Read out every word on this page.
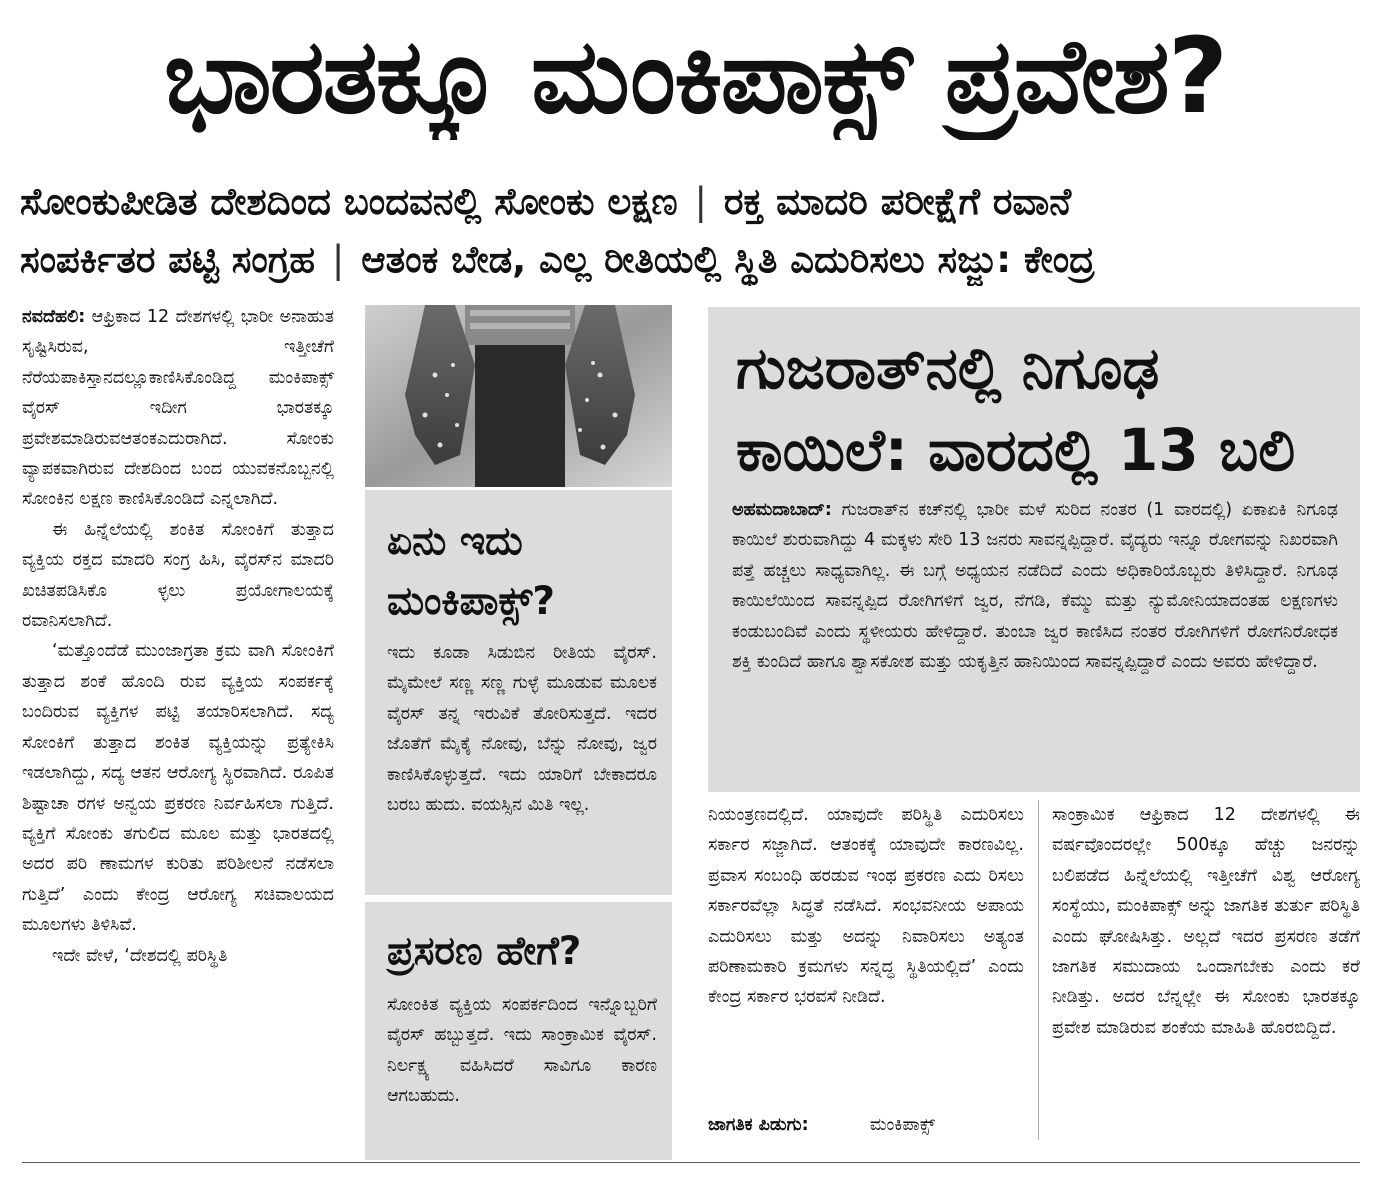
ಭಾರತಕ್ಕೂ ಮಂಕಿಪಾಕ್ಸ್ ಪ್ರವೇಶ?
ಸೋಂಕುಪೀಡಿತ ದೇಶದಿಂದ ಬಂದವನಲ್ಲಿ ಸೋಂಕು ಲಕ್ಷಣ | ರಕ್ತ ಮಾದರಿ ಪರೀಕ್ಷೆಗೆ ರವಾನೆ
ಸಂಪರ್ಕಿತರ ಪಟ್ಟಿ ಸಂಗ್ರಹ | ಆತಂಕ ಬೇಡ, ಎಲ್ಲ ರೀತಿಯಲ್ಲಿ ಸ್ಥಿತಿ ಎದುರಿಸಲು ಸಜ್ಜು: ಕೇಂದ್ರ

ನವದೆಹಲಿ: ಆಫ್ರಿಕಾದ 12 ದೇಶಗಳಲ್ಲಿ ಭಾರೀ ಅನಾಹುತ ಸೃಷ್ಟಿಸಿರುವ, ಇತ್ತೀಚೆಗೆ ನೆರೆಯಪಾಕಿಸ್ತಾನದಲ್ಲೂಕಾಣಿಸಿಕೊಂಡಿದ್ದ ಮಂಕಿಪಾಕ್ಸ್ ವೈರಸ್ ಇದೀಗ ಭಾರತಕ್ಕೂ ಪ್ರವೇಶಮಾಡಿರುವಆತಂಕಎದುರಾಗಿದೆ. ಸೋಂಕು ವ್ಯಾಪಕವಾಗಿರುವ ದೇಶದಿಂದ ಬಂದ ಯುವಕನೊಬ್ಬನಲ್ಲಿ ಸೋಂಕಿನ ಲಕ್ಷಣ ಕಾಣಿಸಿಕೊಂಡಿದೆ ಎನ್ನಲಾಗಿದೆ.

ಈ ಹಿನ್ನೆಲೆಯಲ್ಲಿ ಶಂಕಿತ ಸೋಂಕಿಗೆ ತುತ್ತಾದ ವ್ಯಕ್ತಿಯ ರಕ್ತದ ಮಾದರಿ ಸಂಗ್ರ ಹಿಸಿ, ವೈರಸ್‌ನ ಮಾದರಿ ಖಚಿತಪಡಿಸಿಕೊ ಳ್ಳಲು ಪ್ರಯೋಗಾಲಯಕ್ಕೆ ರವಾನಿಸಲಾಗಿದೆ.

‘ಮತ್ತೊಂದೆಡೆ ಮುಂಜಾಗ್ರತಾ ಕ್ರಮ ವಾಗಿ ಸೋಂಕಿಗೆ ತುತ್ತಾದ ಶಂಕೆ ಹೊಂದಿ ರುವ ವ್ಯಕ್ತಿಯ ಸಂಪರ್ಕಕ್ಕೆ ಬಂದಿರುವ ವ್ಯಕ್ತಿಗಳ ಪಟ್ಟಿ ತಯಾರಿಸಲಾಗಿದೆ. ಸದ್ಯ ಸೋಂಕಿಗೆ ತುತ್ತಾದ ಶಂಕಿತ ವ್ಯಕ್ತಿಯನ್ನು ಪ್ರತ್ಯೇಕಿಸಿ ಇಡಲಾಗಿದ್ದು, ಸದ್ಯ ಆತನ ಆರೋಗ್ಯ ಸ್ಥಿರವಾಗಿದೆ. ರೂಪಿತ ಶಿಷ್ಟಾಚಾ ರಗಳ ಅನ್ವಯ ಪ್ರಕರಣ ನಿರ್ವಹಿಸಲಾ ಗುತ್ತಿದೆ. ವ್ಯಕ್ತಿಗೆ ಸೋಂಕು ತಗುಲಿದ ಮೂಲ ಮತ್ತು ಭಾರತದಲ್ಲಿ ಅದರ ಪರಿ ಣಾಮಗಳ ಕುರಿತು ಪರಿಶೀಲನೆ ನಡೆಸಲಾ ಗುತ್ತಿದೆ’ ಎಂದು ಕೇಂದ್ರ ಆರೋಗ್ಯ ಸಚಿವಾಲಯದ ಮೂಲಗಳು ತಿಳಿಸಿವೆ.

ಇದೇ ವೇಳೆ, ‘ದೇಶದಲ್ಲಿ ಪರಿಸ್ಥಿತಿ

ಏನು ಇದು ಮಂಕಿಪಾಕ್ಸ್?
ಇದು ಕೂಡಾ ಸಿಡುಬಿನ ರೀತಿಯ ವೈರಸ್. ಮೈಮೇಲೆ ಸಣ್ಣ ಸಣ್ಣ ಗುಳ್ಳೆ ಮೂಡುವ ಮೂಲಕ ವೈರಸ್ ತನ್ನ ಇರುವಿಕೆ ತೋರಿಸುತ್ತದೆ. ಇದರ ಜೊತೆಗೆ ಮೈಕೈ ನೋವು, ಬೆನ್ನು ನೋವು, ಜ್ವರ ಕಾಣಿಸಿಕೊಳ್ಳುತ್ತದೆ. ಇದು ಯಾರಿಗೆ ಬೇಕಾದರೂ ಬರಬ ಹುದು. ವಯಸ್ಸಿನ ಮಿತಿ ಇಲ್ಲ.
ಪ್ರಸರಣ ಹೇಗೆ?
ಸೋಂಕಿತ ವ್ಯಕ್ತಿಯ ಸಂಪರ್ಕದಿಂದ ಇನ್ನೊಬ್ಬರಿಗೆ ವೈರಸ್ ಹಬ್ಬುತ್ತದೆ. ಇದು ಸಾಂಕ್ರಾಮಿಕ ವೈರಸ್. ನಿರ್ಲಕ್ಷ್ಯ ವಹಿಸಿದರೆ ಸಾವಿಗೂ ಕಾರಣ ಆಗಬಹುದು.
ಗುಜರಾತ್‌ನಲ್ಲಿ ನಿಗೂಢ
ಕಾಯಿಲೆ: ವಾರದಲ್ಲಿ 13 ಬಲಿ
ಅಹಮದಾಬಾದ್: ಗುಜರಾತ್‌ನ ಕಚ್‌ನಲ್ಲಿ ಭಾರೀ ಮಳೆ ಸುರಿದ ನಂತರ (1 ವಾರದಲ್ಲಿ) ಏಕಾಏಕಿ ನಿಗೂಢ ಕಾಯಿಲೆ ಶುರುವಾಗಿದ್ದು 4 ಮಕ್ಕಳು ಸೇರಿ 13 ಜನರು ಸಾವನ್ನಪ್ಪಿದ್ದಾರೆ. ವೈದ್ಯರು ಇನ್ನೂ ರೋಗವನ್ನು ನಿಖರವಾಗಿ ಪತ್ತೆ ಹಚ್ಚಲು ಸಾಧ್ಯವಾಗಿಲ್ಲ. ಈ ಬಗ್ಗೆ ಅಧ್ಯಯನ ನಡೆದಿದೆ ಎಂದು ಅಧಿಕಾರಿಯೊಬ್ಬರು ತಿಳಿಸಿದ್ದಾರೆ. ನಿಗೂಢ ಕಾಯಿಲೆಯಿಂದ ಸಾವನ್ನಪ್ಪಿದ ರೋಗಿಗಳಿಗೆ ಜ್ವರ, ನೆಗಡಿ, ಕೆಮ್ಮು ಮತ್ತು ನ್ಯುಮೋನಿಯಾದಂತಹ ಲಕ್ಷಣಗಳು ಕಂಡುಬಂದಿವೆ ಎಂದು ಸ್ಥಳೀಯರು ಹೇಳಿದ್ದಾರೆ. ತುಂಬಾ ಜ್ವರ ಕಾಣಿಸಿದ ನಂತರ ರೋಗಿಗಳಿಗೆ ರೋಗನಿರೋಧಕ ಶಕ್ತಿ ಕುಂದಿದೆ ಹಾಗೂ ಶ್ವಾಸಕೋಶ ಮತ್ತು ಯಕೃತ್ತಿನ ಹಾನಿಯಿಂದ ಸಾವನ್ನಪ್ಪಿದ್ದಾರೆ ಎಂದು ಅವರು ಹೇಳಿದ್ದಾರೆ.

ನಿಯಂತ್ರಣದಲ್ಲಿದೆ. ಯಾವುದೇ ಪರಿಸ್ಥಿತಿ ಎದುರಿಸಲು ಸರ್ಕಾರ ಸಜ್ಜಾಗಿದೆ. ಆತಂಕಕ್ಕೆ ಯಾವುದೇ ಕಾರಣವಿಲ್ಲ. ಪ್ರವಾಸ ಸಂಬಂಧಿ ಹರಡುವ ಇಂಥ ಪ್ರಕರಣ ಎದು ರಿಸಲು ಸರ್ಕಾರವೆಲ್ಲಾ ಸಿದ್ಧತೆ ನಡೆಸಿದೆ. ಸಂಭವನೀಯ ಅಪಾಯ ಎದುರಿಸಲು ಮತ್ತು ಅದನ್ನು ನಿವಾರಿಸಲು ಅತ್ಯಂತ ಪರಿಣಾಮಕಾರಿ ಕ್ರಮಗಳು ಸನ್ನದ್ಧ ಸ್ಥಿತಿಯಲ್ಲಿದೆ’ ಎಂದು ಕೇಂದ್ರ ಸರ್ಕಾರ ಭರವಸೆ ನೀಡಿದೆ.

ಜಾಗತಿಕ ಪಿಡುಗು:	ಮಂಕಿಪಾಕ್ಸ್

ಸಾಂಕ್ರಾಮಿಕ ಆಫ್ರಿಕಾದ 12 ದೇಶಗಳಲ್ಲಿ ಈ ವರ್ಷವೊಂದರಲ್ಲೇ 500ಕ್ಕೂ ಹೆಚ್ಚು ಜನರನ್ನು ಬಲಿಪಡೆದ ಹಿನ್ನೆಲೆಯಲ್ಲಿ ಇತ್ತೀಚೆಗೆ ವಿಶ್ವ ಆರೋಗ್ಯ ಸಂಸ್ಥೆಯು, ಮಂಕಿಪಾಕ್ಸ್ ಅನ್ನು ಜಾಗತಿಕ ತುರ್ತು ಪರಿಸ್ಥಿತಿ ಎಂದು ಘೋಷಿಸಿತ್ತು. ಅಲ್ಲದೆ ಇದರ ಪ್ರಸರಣ ತಡೆಗೆ ಜಾಗತಿಕ ಸಮುದಾಯ ಒಂದಾಗಬೇಕು ಎಂದು ಕರೆ ನೀಡಿತ್ತು. ಅದರ ಬೆನ್ನಲ್ಲೇ ಈ ಸೋಂಕು ಭಾರತಕ್ಕೂ ಪ್ರವೇಶ ಮಾಡಿರುವ ಶಂಕೆಯ ಮಾಹಿತಿ ಹೊರಬಿದ್ದಿದೆ.
